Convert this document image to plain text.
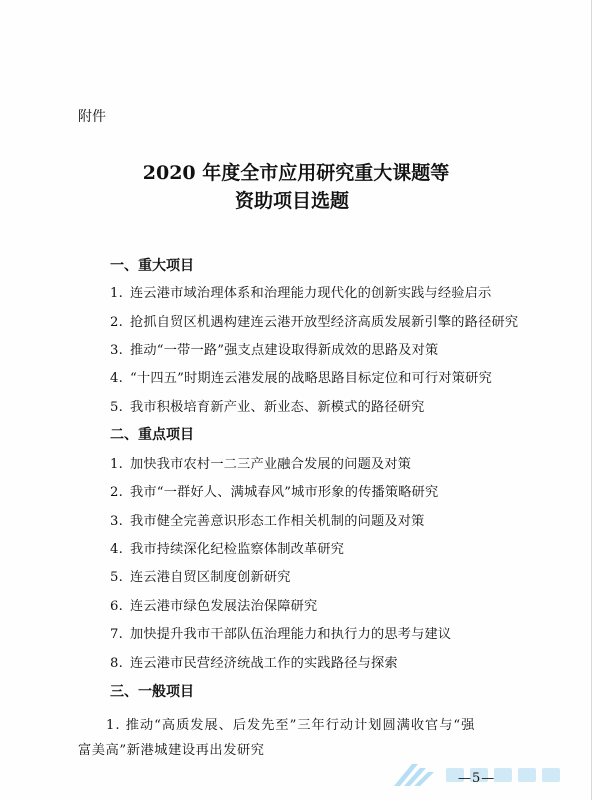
附件
2020 年度全市应用研究重大课题等
资助项目选题
一、重大项目
1. 连云港市域治理体系和治理能力现代化的创新实践与经验启示
2. 抢抓自贸区机遇构建连云港开放型经济高质发展新引擎的路径研究
3. 推动“一带一路”强支点建设取得新成效的思路及对策
4. “十四五”时期连云港发展的战略思路目标定位和可行对策研究
5. 我市积极培育新产业、新业态、新模式的路径研究
二、重点项目
1. 加快我市农村一二三产业融合发展的问题及对策
2. 我市“一群好人、满城春风”城市形象的传播策略研究
3. 我市健全完善意识形态工作相关机制的问题及对策
4. 我市持续深化纪检监察体制改革研究
5. 连云港自贸区制度创新研究
6. 连云港市绿色发展法治保障研究
7. 加快提升我市干部队伍治理能力和执行力的思考与建议
8. 连云港市民营经济统战工作的实践路径与探索
三、一般项目
1. 推动“高质发展、后发先至”三年行动计划圆满收官与“强
富美高”新港城建设再出发研究
—5—
